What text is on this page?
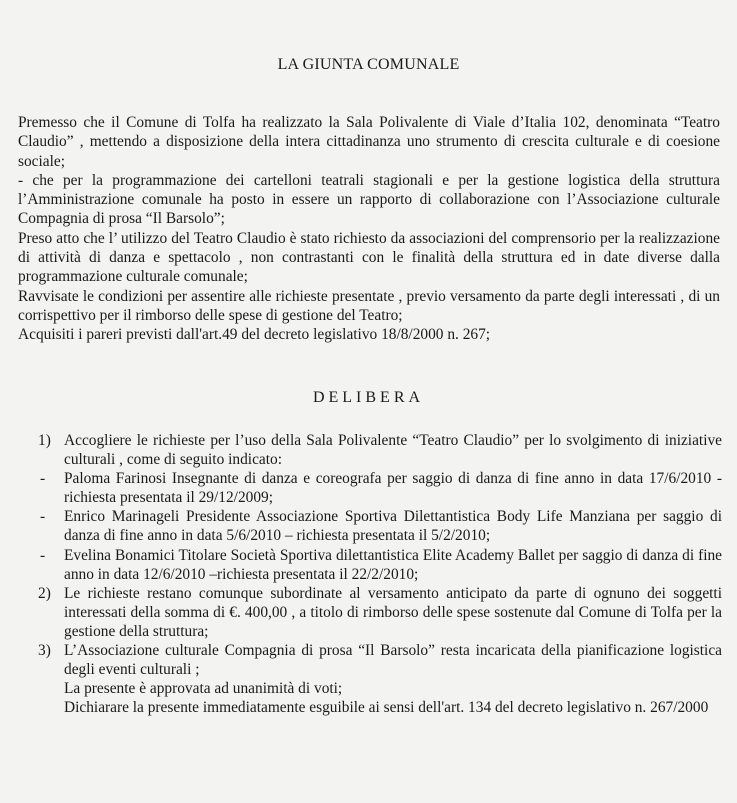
LA GIUNTA COMUNALE

Premesso che il Comune di Tolfa ha realizzato la Sala Polivalente di Viale d’Italia 102, denominata “Teatro Claudio” , mettendo a disposizione della intera cittadinanza uno strumento di crescita culturale e di coesione sociale;

- che per la programmazione dei cartelloni teatrali stagionali e per la gestione logistica della struttura l’Amministrazione comunale ha posto in essere un rapporto di collaborazione con l’Associazione culturale Compagnia di prosa “Il Barsolo”;

Preso atto che l’ utilizzo del Teatro Claudio è stato richiesto da associazioni del comprensorio per la realizzazione di attività di danza e spettacolo , non contrastanti con le finalità della struttura ed in date diverse dalla programmazione culturale comunale;

Ravvisate le condizioni per assentire alle richieste presentate , previo versamento da parte degli interessati , di un corrispettivo per il rimborso delle spese di gestione del Teatro;

Acquisiti i pareri previsti dall'art.49 del decreto legislativo 18/8/2000 n. 267;

DELIBERA
1) Accogliere le richieste per l’uso della Sala Polivalente “Teatro Claudio” per lo svolgimento di iniziative culturali , come di seguito indicato:
- Paloma Farinosi Insegnante di danza e coreografa per saggio di danza di fine anno in data 17/6/2010 - richiesta presentata il 29/12/2009;
- Enrico Marinageli Presidente Associazione Sportiva Dilettantistica Body Life Manziana per saggio di danza di fine anno in data 5/6/2010 – richiesta presentata il 5/2/2010;
- Evelina Bonamici Titolare Società Sportiva dilettantistica Elite Academy Ballet per saggio di danza di fine anno in data 12/6/2010 –richiesta presentata il 22/2/2010;
2) Le richieste restano comunque subordinate al versamento anticipato da parte di ognuno dei soggetti interessati della somma di €. 400,00 , a titolo di rimborso delle spese sostenute dal Comune di Tolfa per la gestione della struttura;
3) L’Associazione culturale Compagnia di prosa “Il Barsolo” resta incaricata della pianificazione logistica degli eventi culturali ;
La presente è approvata ad unanimità di voti;
Dichiarare la presente immediatamente esguibile ai sensi dell'art. 134 del decreto legislativo n. 267/2000
